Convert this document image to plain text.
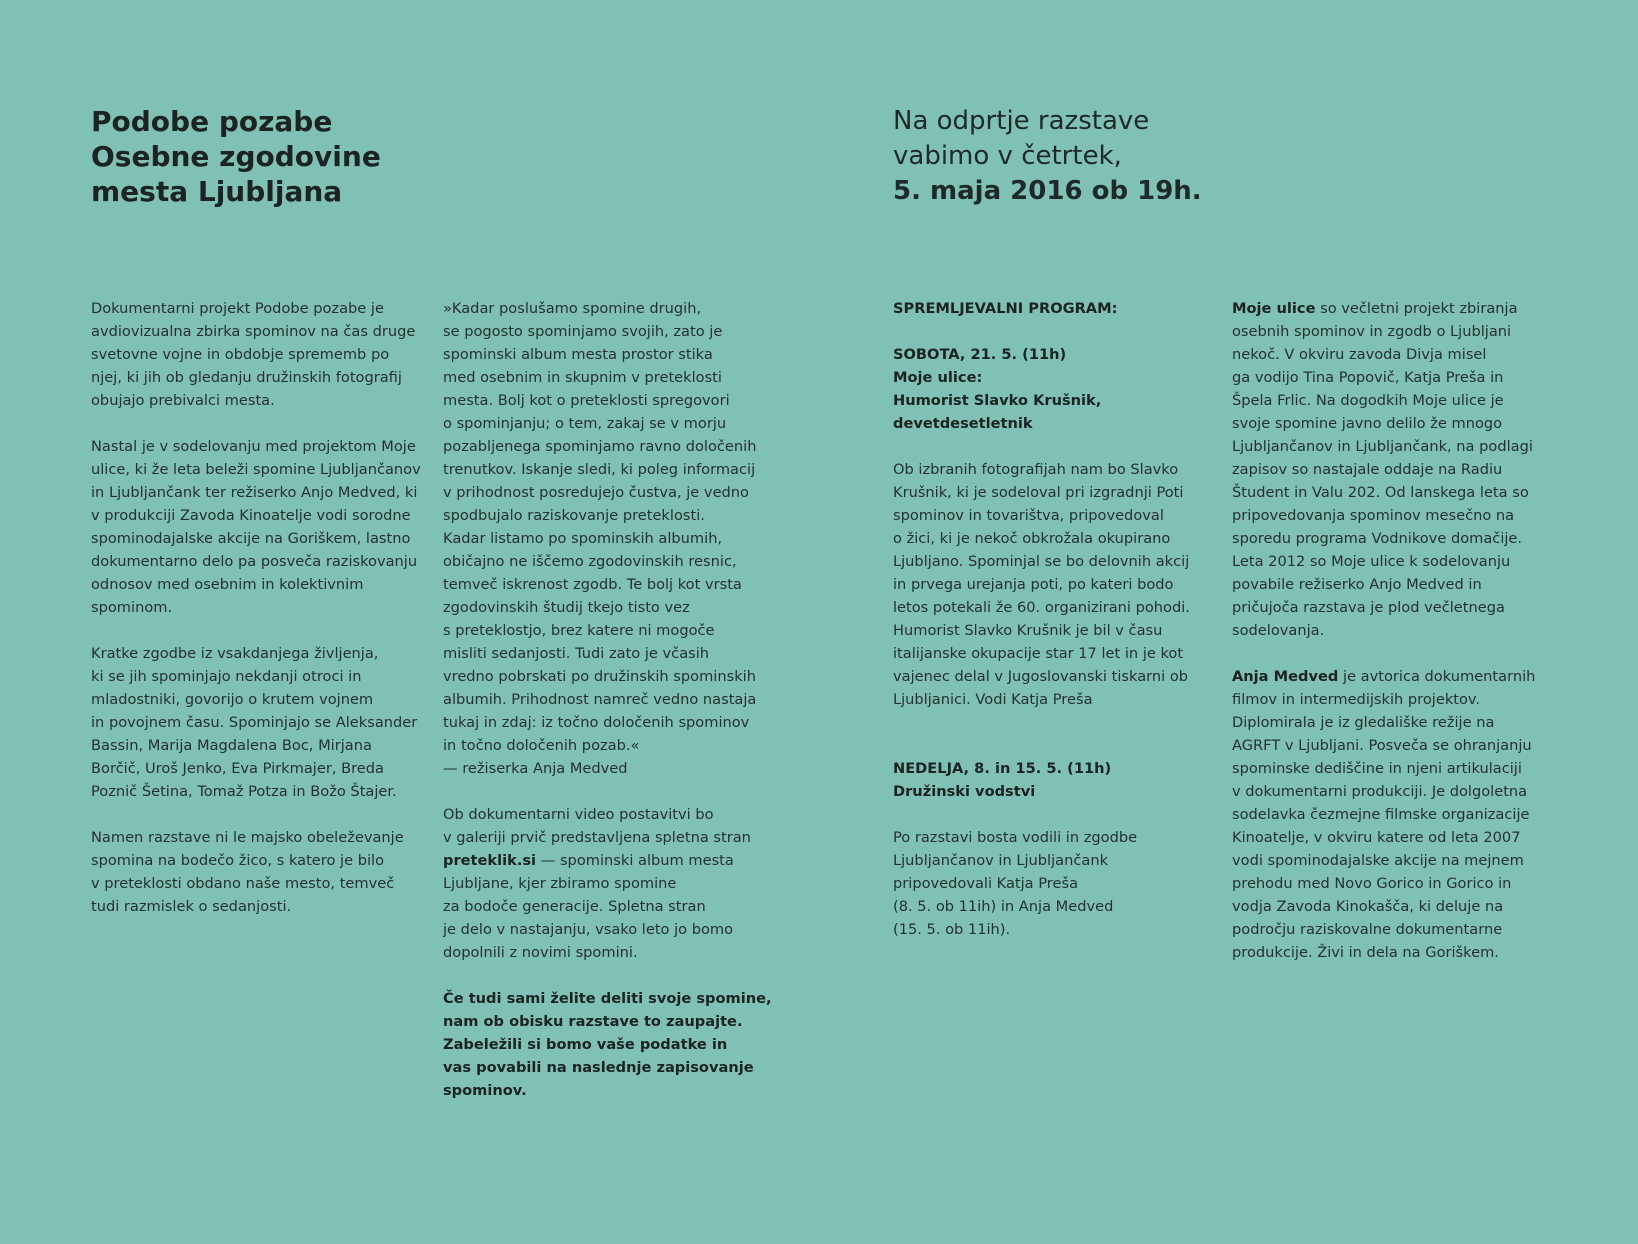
Podobe pozabe
Osebne zgodovine
mesta Ljubljana
Na odprtje razstave
vabimo v četrtek,
5. maja 2016 ob 19h.
Dokumentarni projekt Podobe pozabe je
avdiovizualna zbirka spominov na čas druge
svetovne vojne in obdobje sprememb po
njej, ki jih ob gledanju družinskih fotografij
obujajo prebivalci mesta.
Nastal je v sodelovanju med projektom Moje
ulice, ki že leta beleži spomine Ljubljančanov
in Ljubljančank ter režiserko Anjo Medved, ki
v produkciji Zavoda Kinoatelje vodi sorodne
spominodajalske akcije na Goriškem, lastno
dokumentarno delo pa posveča raziskovanju
odnosov med osebnim in kolektivnim
spominom.
Kratke zgodbe iz vsakdanjega življenja,
ki se jih spominjajo nekdanji otroci in
mladostniki, govorijo o krutem vojnem
in povojnem času. Spominjajo se Aleksander
Bassin, Marija Magdalena Boc, Mirjana
Borčič, Uroš Jenko, Eva Pirkmajer, Breda
Poznič Šetina, Tomaž Potza in Božo Štajer.
Namen razstave ni le majsko obeleževanje
spomina na bodečo žico, s katero je bilo
v preteklosti obdano naše mesto, temveč
tudi razmislek o sedanjosti.
»Kadar poslušamo spomine drugih,
se pogosto spominjamo svojih, zato je
spominski album mesta prostor stika
med osebnim in skupnim v preteklosti
mesta. Bolj kot o preteklosti spregovori
o spominjanju; o tem, zakaj se v morju
pozabljenega spominjamo ravno določenih
trenutkov. Iskanje sledi, ki poleg informacij
v prihodnost posredujejo čustva, je vedno
spodbujalo raziskovanje preteklosti.
Kadar listamo po spominskih albumih,
običajno ne iščemo zgodovinskih resnic,
temveč iskrenost zgodb. Te bolj kot vrsta
zgodovinskih študij tkejo tisto vez
s preteklostjo, brez katere ni mogoče
misliti sedanjosti. Tudi zato je včasih
vredno pobrskati po družinskih spominskih
albumih. Prihodnost namreč vedno nastaja
tukaj in zdaj: iz točno določenih spominov
in točno določenih pozab.«
— režiserka Anja Medved
Ob dokumentarni video postavitvi bo
v galeriji prvič predstavljena spletna stran
preteklik.si — spominski album mesta
Ljubljane, kjer zbiramo spomine
za bodoče generacije. Spletna stran
je delo v nastajanju, vsako leto jo bomo
dopolnili z novimi spomini.
Če tudi sami želite deliti svoje spomine,
nam ob obisku razstave to zaupajte.
Zabeležili si bomo vaše podatke in
vas povabili na naslednje zapisovanje
spominov.
SPREMLJEVALNI PROGRAM:
SOBOTA, 21. 5. (11h)
Moje ulice:
Humorist Slavko Krušnik,
devetdesetletnik
Ob izbranih fotografijah nam bo Slavko
Krušnik, ki je sodeloval pri izgradnji Poti
spominov in tovarištva, pripovedoval
o žici, ki je nekoč obkrožala okupirano
Ljubljano. Spominjal se bo delovnih akcij
in prvega urejanja poti, po kateri bodo
letos potekali že 60. organizirani pohodi.
Humorist Slavko Krušnik je bil v času
italijanske okupacije star 17 let in je kot
vajenec delal v Jugoslovanski tiskarni ob
Ljubljanici. Vodi Katja Preša
NEDELJA, 8. in 15. 5. (11h)
Družinski vodstvi
Po razstavi bosta vodili in zgodbe
Ljubljančanov in Ljubljančank
pripovedovali Katja Preša
(8. 5. ob 11ih) in Anja Medved
(15. 5. ob 11ih).
Moje ulice so večletni projekt zbiranja
osebnih spominov in zgodb o Ljubljani
nekoč. V okviru zavoda Divja misel
ga vodijo Tina Popovič, Katja Preša in
Špela Frlic. Na dogodkih Moje ulice je
svoje spomine javno delilo že mnogo
Ljubljančanov in Ljubljančank, na podlagi
zapisov so nastajale oddaje na Radiu
Študent in Valu 202. Od lanskega leta so
pripovedovanja spominov mesečno na
sporedu programa Vodnikove domačije.
Leta 2012 so Moje ulice k sodelovanju
povabile režiserko Anjo Medved in
pričujoča razstava je plod večletnega
sodelovanja.
Anja Medved je avtorica dokumentarnih
filmov in intermedijskih projektov.
Diplomirala je iz gledališke režije na
AGRFT v Ljubljani. Posveča se ohranjanju
spominske dediščine in njeni artikulaciji
v dokumentarni produkciji. Je dolgoletna
sodelavka čezmejne filmske organizacije
Kinoatelje, v okviru katere od leta 2007
vodi spominodajalske akcije na mejnem
prehodu med Novo Gorico in Gorico in
vodja Zavoda Kinokašča, ki deluje na
področju raziskovalne dokumentarne
produkcije. Živi in dela na Goriškem.
